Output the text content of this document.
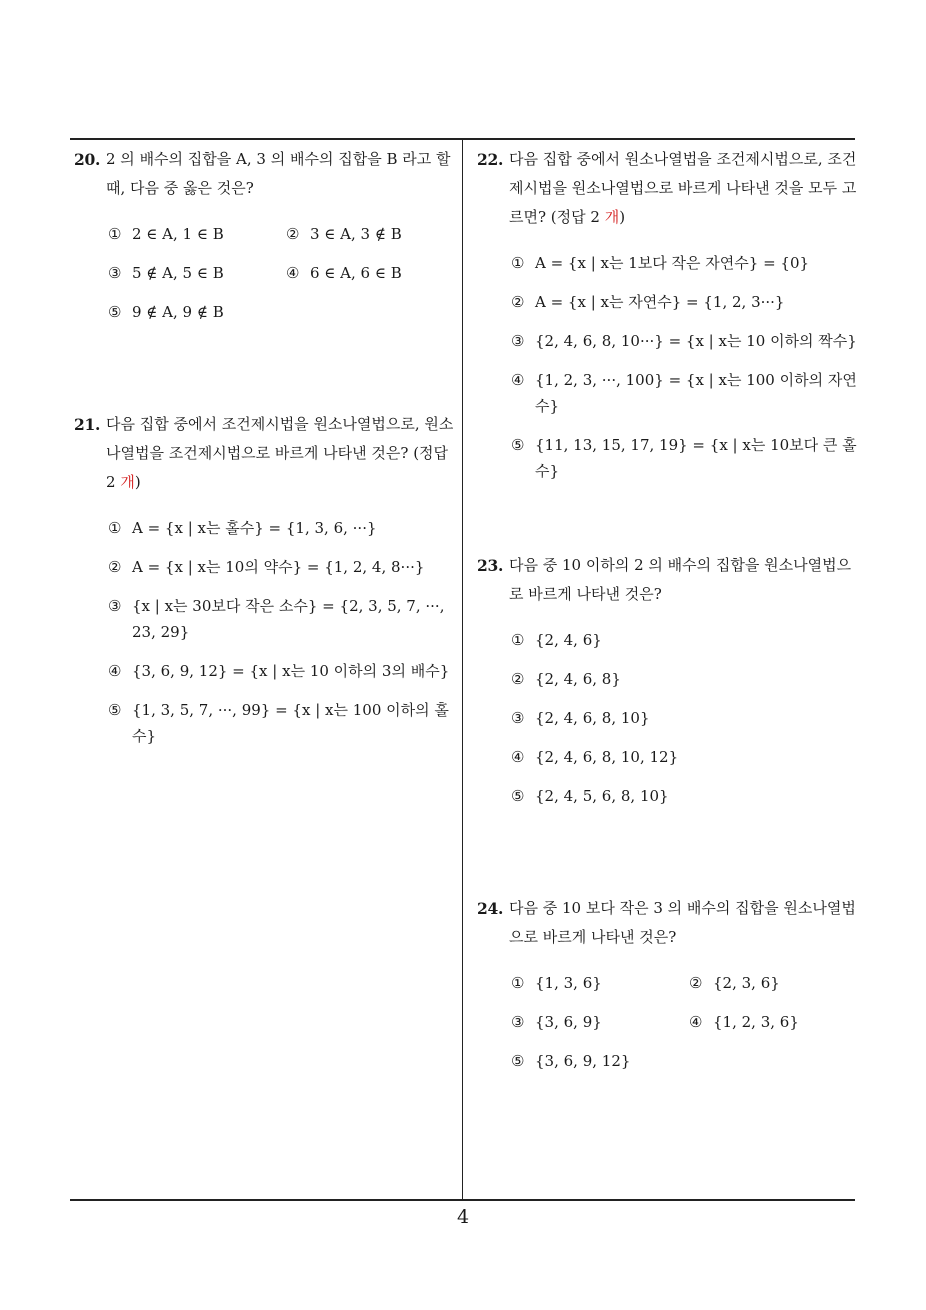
20. 2 의 배수의 집합을 A, 3 의 배수의 집합을 B 라고 할 때, 다음 중 옳은 것은?
① 2 ∈ A, 1 ∈ B	② 3 ∈ A, 3 ∉ B
③ 5 ∉ A, 5 ∈ B	④ 6 ∈ A, 6 ∈ B
⑤ 9 ∉ A, 9 ∉ B
21. 다음 집합 중에서 조건제시법을 원소나열법으로, 원소나열법을 조건제시법으로 바르게 나타낸 것은? (정답 2 개)
① A = {x | x는 홀수} = {1, 3, 6, ···}
② A = {x | x는 10의 약수} = {1, 2, 4, 8···}
③ {x | x는 30보다 작은 소수} = {2, 3, 5, 7, ···, 23, 29}
④ {3, 6, 9, 12} = {x | x는 10 이하의 3의 배수}
⑤ {1, 3, 5, 7, ···, 99} = {x | x는 100 이하의 홀수}
22. 다음 집합 중에서 원소나열법을 조건제시법으로, 조건제시법을 원소나열법으로 바르게 나타낸 것을 모두 고르면? (정답 2 개)
① A = {x | x는 1보다 작은 자연수} = {0}
② A = {x | x는 자연수} = {1, 2, 3···}
③ {2, 4, 6, 8, 10···} = {x | x는 10 이하의 짝수}
④ {1, 2, 3, ···, 100} = {x | x는 100 이하의 자연수}
⑤ {11, 13, 15, 17, 19} = {x | x는 10보다 큰 홀수}
23. 다음 중 10 이하의 2 의 배수의 집합을 원소나열법으로 바르게 나타낸 것은?
① {2, 4, 6}
② {2, 4, 6, 8}
③ {2, 4, 6, 8, 10}
④ {2, 4, 6, 8, 10, 12}
⑤ {2, 4, 5, 6, 8, 10}
24. 다음 중 10 보다 작은 3 의 배수의 집합을 원소나열법으로 바르게 나타낸 것은?
① {1, 3, 6}	② {2, 3, 6}
③ {3, 6, 9}	④ {1, 2, 3, 6}
⑤ {3, 6, 9, 12}
4
